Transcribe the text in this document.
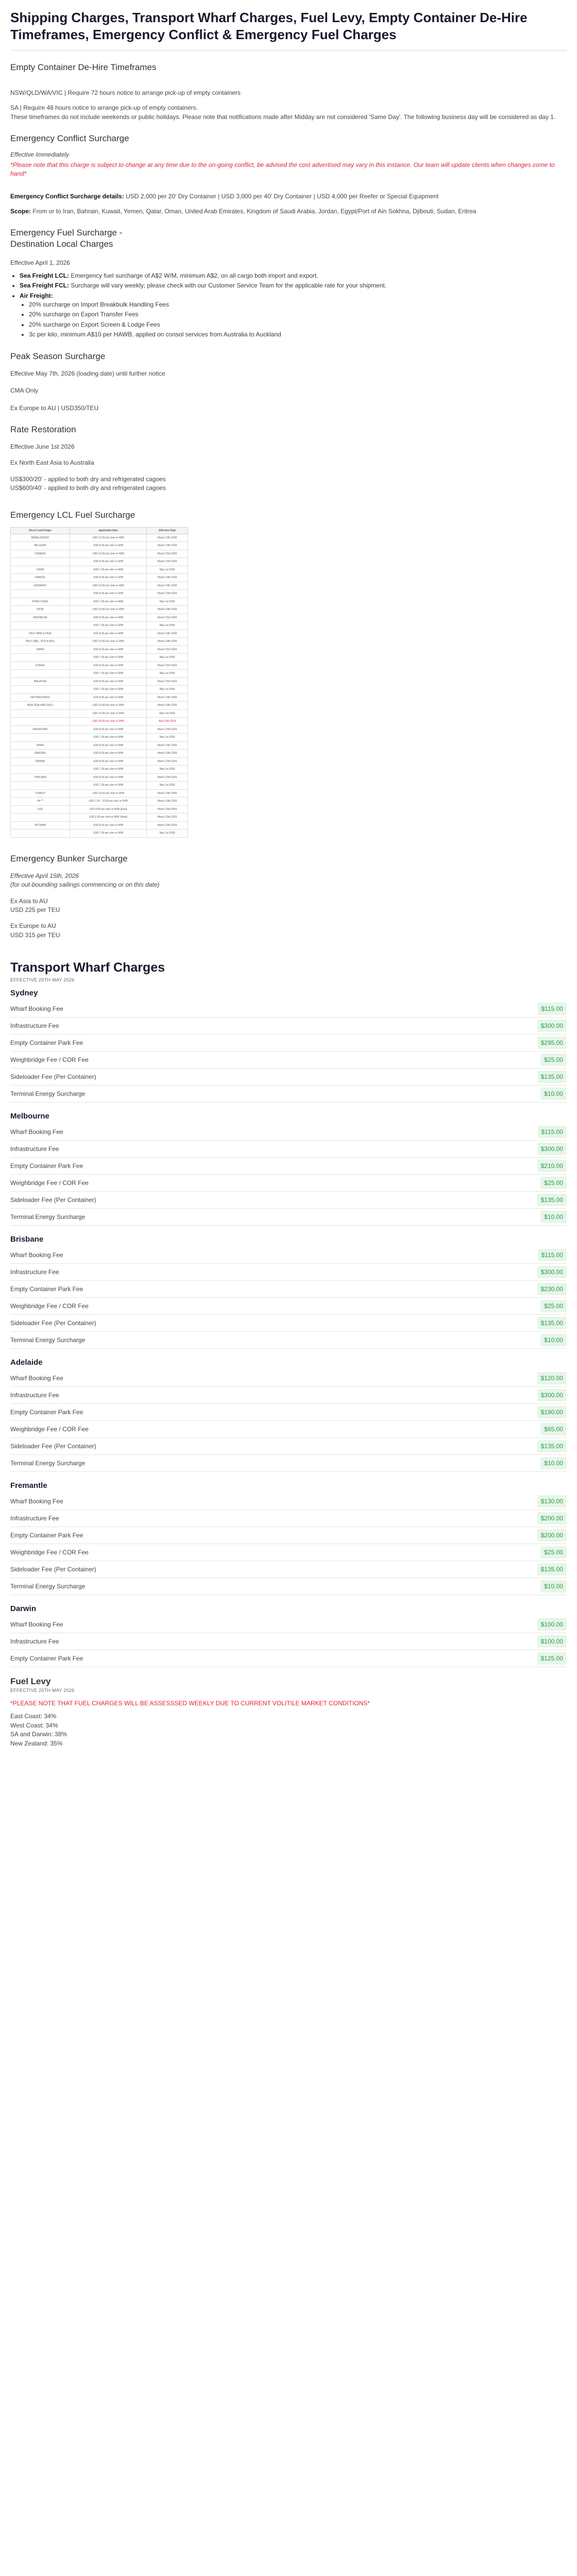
Shipping Charges, Transport Wharf Charges, Fuel Levy, Empty Container De-Hire Timeframes, Emergency Conflict & Emergency Fuel Charges
Empty Container De-Hire Timeframes

NSW/QLD/WA/VIC | Require 72 hours notice to arrange pick-up of empty containers

SA | Require 48 hours notice to arrange pick-up of empty containers.

These timeframes do not include weekends or public holidays. Please note that notifications made after Midday are not considered 'Same Day'. The following business day will be considered as day 1.

Emergency Conflict Surcharge

Effective Immediately

*Please note that this charge is subject to change at any time due to the on-going conflict, be advised the cost advertised may vary in this instance. Our team will update clients when changes come to hand*

Emergency Conflict Surcharge details: USD 2,000 per 20' Dry Container | USD 3,000 per 40' Dry Container | USD 4,000 per Reefer or Special Equipment

Scope: From or to Iran, Bahrain, Kuwait, Yemen, Qatar, Oman, United Arab Emirates, Kingdom of Saudi Arabia, Jordan, Egypt/Port of Ain Sokhna, Djibouti, Sudan, Eritrea

Emergency Fuel Surcharge -
Destination Local Charges

Effective April 1, 2026

• Sea Freight LCL: Emergency fuel surcharge of A$2 W/M, minimum A$2, on all cargo both import and export.
• Sea Freight FCL: Surcharge will vary weekly; please check with our Customer Service Team for the applicable rate for your shipment.
• Air Freight:
• 20% surcharge on Import Breakbulk Handling Fees
• 20% surcharge on Export Transfer Fees
• 20% surcharge on Export Screen & Lodge Fees
• 3c per kilo, minimum A$10 per HAWB, applied on consol services from Australia to Auckland
Peak Season Surcharge

Effective May 7th, 2026 (loading date) until further notice

CMA Only

Ex Europe to AU | USD350/TEU

Rate Restoration

Effective June 1st 2026

Ex North East Asia to Australia

US$300/20' - applied to both dry and refrigerated cagoes

US$600/40' - applied to both dry and refrigerated cagoes

Emergency LCL Fuel Surcharge
Direct Load Origin	Applicable Rate	Effective Date
BANGLADESH	USD 12.00 per cbm or W/M	March 16th 2026
BELGIUM	USD 8.00 per cbm or W/M	March 16th 2026
CANADA	USD 10.00 per cbm or W/M	March 23rd 2026
	USD 8.00 per cbm or W/M	March 23rd 2026
CHINA	USD 7.00 per cbm or W/M	May 1st 2026
FRANCE	USD 8.00 per cbm or W/M	March 16th 2026
GERMANY	USD 10.00 per cbm or W/M	March 16th 2026
	USD 8.00 per cbm or W/M	March 23rd 2026
HONG KONG	USD 7.00 per cbm or W/M	May 1st 2026
INDIA	USD 10.00 per cbm or W/M	March 16th 2026
INDONESIA	USD 8.00 per cbm or W/M	March 23rd 2026
	USD 7.00 per cbm or W/M	May 1st 2026
ITALY (BNE & PER)	USD 8.00 per cbm or W/M	March 16th 2026
ITALY (MEL, SYD & ADL)	USD 10.00 per cbm or W/M	March 16th 2026
JAPAN	USD 8.00 per cbm or W/M	March 23rd 2026
	USD 7.00 per cbm or W/M	May 1st 2026
KOREA	USD 8.00 per cbm or W/M	March 23rd 2026
	USD 7.00 per cbm or W/M	May 1st 2026
MALAYSIA	USD 8.00 per cbm or W/M	March 23rd 2026
	USD 7.00 per cbm or W/M	May 1st 2026
NETHERLANDS	USD 8.00 per cbm or W/M	March 16th 2026
NEW ZEALAND (NZL)	USD 10.00 per cbm or W/M	March 16th 2026
	USD 15.00 per cbm or W/M	April 1st 2026
	USD 20.00 per cbm or W/M	April 15th 2026
SINGAPORE	USD 8.00 per cbm or W/M	March 23rd 2026
	USD 7.00 per cbm or W/M	May 1st 2026
SPAIN	USD 8.00 per cbm or W/M	March 16th 2026
SWEDEN	USD 8.00 per cbm or W/M	March 16th 2026
TAIWAN	USD 8.00 per cbm or W/M	March 23rd 2026
	USD 7.00 per cbm or W/M	May 1st 2026
THAILAND	USD 8.00 per cbm or W/M	March 23rd 2026
	USD 7.00 per cbm or W/M	May 1st 2026
TURKEY	USD 10.00 per cbm or W/M	March 16th 2026
UK **	USD 7.50 - 10.00 per cbm or W/M	March 16th 2026
USA	USD 8.00 per cbm or W/M (East)	March 23rd 2026
	USD 6.00 per cbm or W/M (West)	March 23rd 2026
VIETNAM	USD 8.00 per cbm or W/M	March 23rd 2026
	USD 7.00 per cbm or W/M	May 1st 2026
Emergency Bunker Surcharge

Effective April 15th, 2026

(for out-bounding sailings commencing or on this date)

Ex Asia to AU

USD 225 per TEU

Ex Europe to AU

USD 315 per TEU

Transport Wharf Charges
EFFECTIVE 25TH MAY 2026
Sydney
Wharf Booking Fee	$115.00
Infrastructure Fee	$300.00
Empty Container Park Fee	$295.00
Weighbridge Fee / COR Fee	$25.00
Sideloader Fee (Per Container)	$135.00
Terminal Energy Surcharge	$10.00
Melbourne
Wharf Booking Fee	$115.00
Infrastructure Fee	$300.00
Empty Container Park Fee	$210.00
Weighbridge Fee / COR Fee	$25.00
Sideloader Fee (Per Container)	$135.00
Terminal Energy Surcharge	$10.00
Brisbane
Wharf Booking Fee	$115.00
Infrastructure Fee	$300.00
Empty Container Park Fee	$230.00
Weighbridge Fee / COR Fee	$25.00
Sideloader Fee (Per Container)	$135.00
Terminal Energy Surcharge	$10.00
Adelaide
Wharf Booking Fee	$120.00
Infrastructure Fee	$300.00
Empty Container Park Fee	$190.00
Weighbridge Fee / COR Fee	$65.00
Sideloader Fee (Per Container)	$135.00
Terminal Energy Surcharge	$10.00
Fremantle
Wharf Booking Fee	$130.00
Infrastructure Fee	$200.00
Empty Container Park Fee	$200.00
Weighbridge Fee / COR Fee	$25.00
Sideloader Fee (Per Container)	$135.00
Terminal Energy Surcharge	$10.00
Darwin
Wharf Booking Fee	$100.00
Infrastructure Fee	$100.00
Empty Container Park Fee	$125.00
Fuel Levy
EFFECTIVE 25TH MAY 2026

*PLEASE NOTE THAT FUEL CHARGES WILL BE ASSESSSED WEEKLY DUE TO CURRENT VOLITILE MARKET CONDITIONS*

East Coast: 34%

West Coast: 34%

SA and Darwin: 38%

New Zealand: 35%
